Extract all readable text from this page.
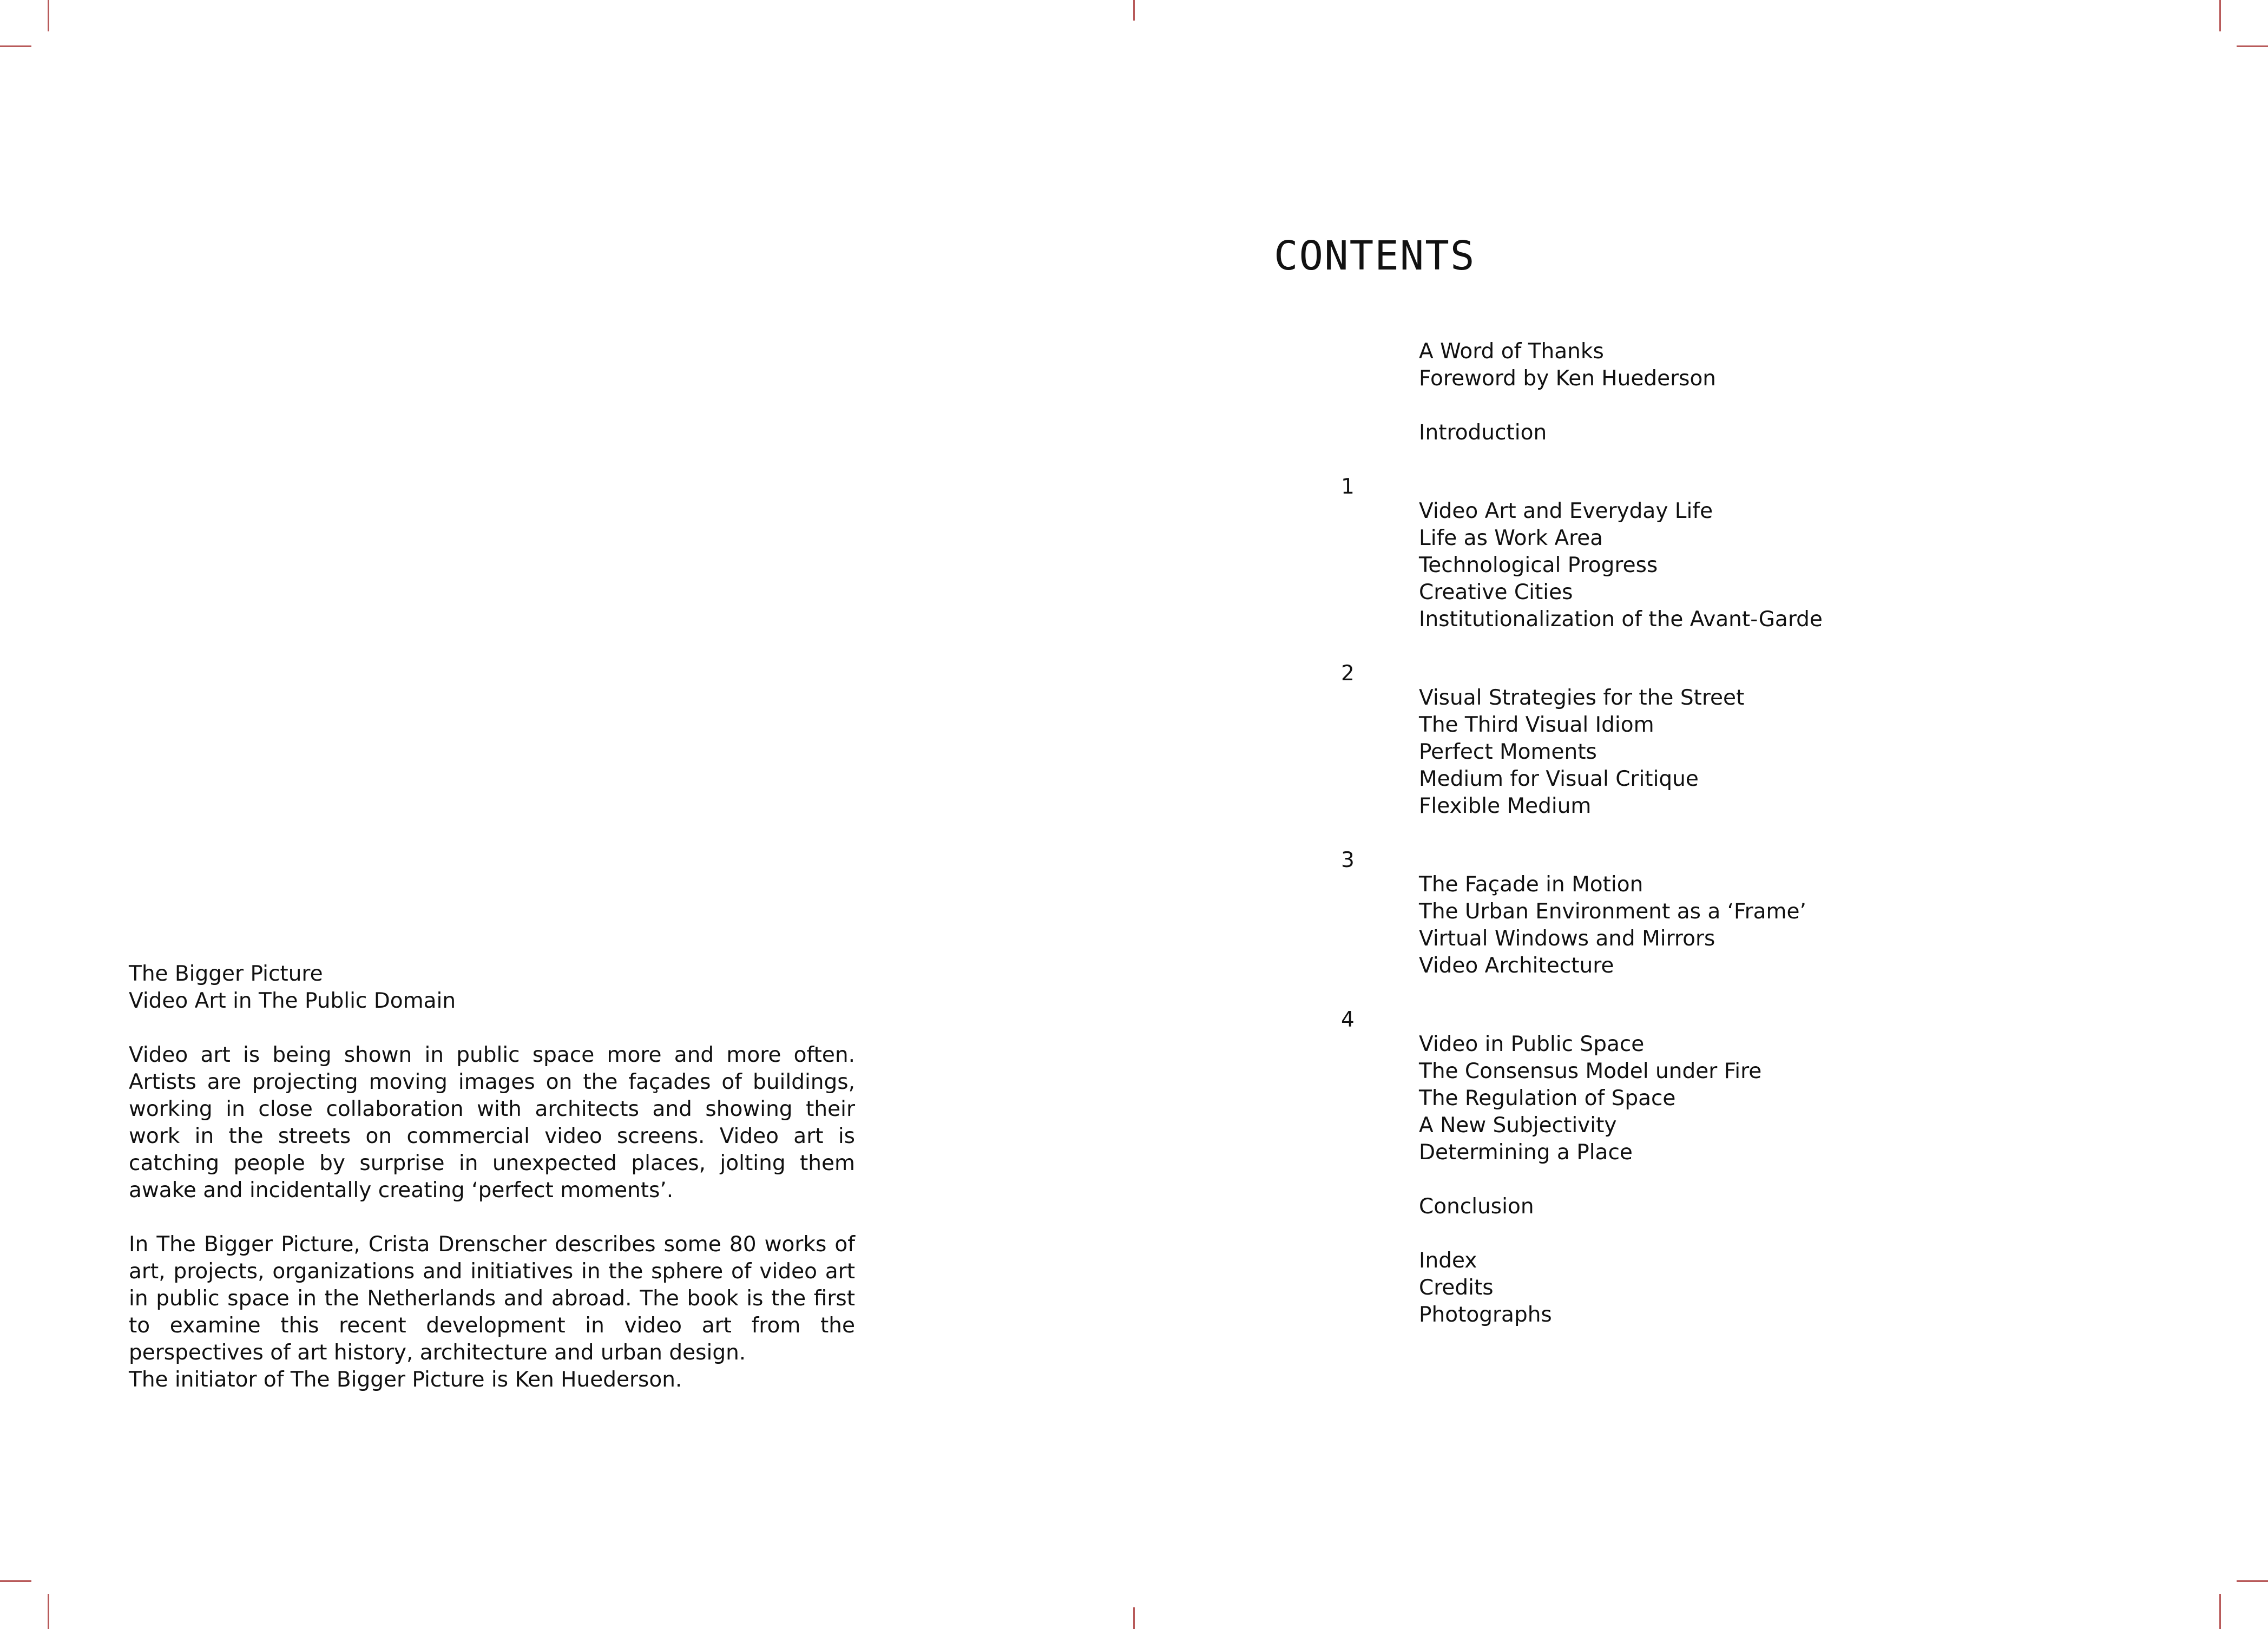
The Bigger Picture
Video Art in The Public Domain

Video art is being shown in public space more and more often. Artists are projecting moving images on the façades of buildings, working in close collaboration with architects and showing their work in the streets on commercial video screens. Video art is catching people by surprise in unexpected places, jolting them awake and incidentally creating ‘perfect moments’.

In The Bigger Picture, Crista Drenscher describes some 80 works of art, projects, organizations and initiatives in the sphere of video art in public space in the Netherlands and abroad. The book is the first to examine this recent development in video art from the perspectives of art history, architecture and urban design.

The initiator of The Bigger Picture is Ken Huederson.

CONTENTS
A Word of Thanks
Foreword by Ken Huederson
Introduction
1
Video Art and Everyday Life
Life as Work Area
Technological Progress
Creative Cities
Institutionalization of the Avant-Garde
2
Visual Strategies for the Street
The Third Visual Idiom
Perfect Moments
Medium for Visual Critique
Flexible Medium
3
The Façade in Motion
The Urban Environment as a ‘Frame’
Virtual Windows and Mirrors
Video Architecture
4
Video in Public Space
The Consensus Model under Fire
The Regulation of Space
A New Subjectivity
Determining a Place
Conclusion
Index
Credits
Photographs
